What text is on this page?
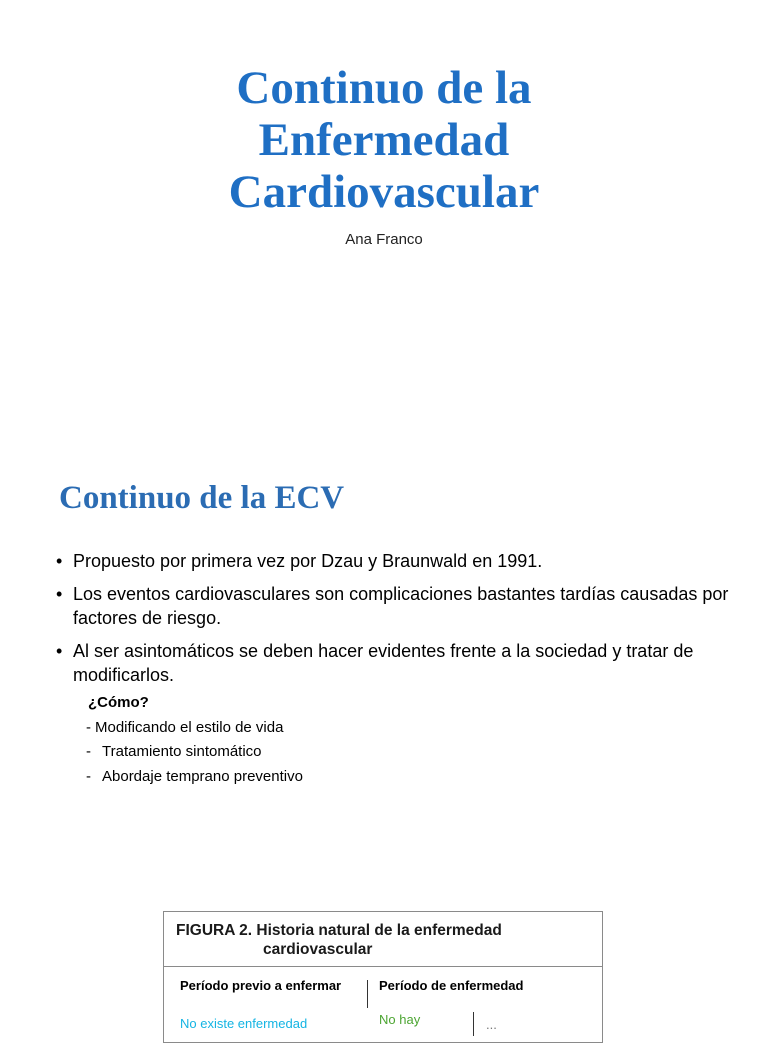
Continuo de la
Enfermedad
Cardiovascular
Ana Franco
Continuo de la ECV
• Propuesto por primera vez por Dzau y Braunwald en 1991.
• Los eventos cardiovasculares son complicaciones bastantes tardías causadas por factores de riesgo.
• Al ser asintomáticos se deben hacer evidentes frente a la sociedad y tratar de modificarlos.
¿Cómo?
- Modificando el estilo de vida
- Tratamiento sintomático
- Abordaje temprano preventivo
FIGURA 2. Historia natural de la enfermedad
cardiovascular
Período previo a enfermar	Período de enfermedad
No existe enfermedad	No hay	...
